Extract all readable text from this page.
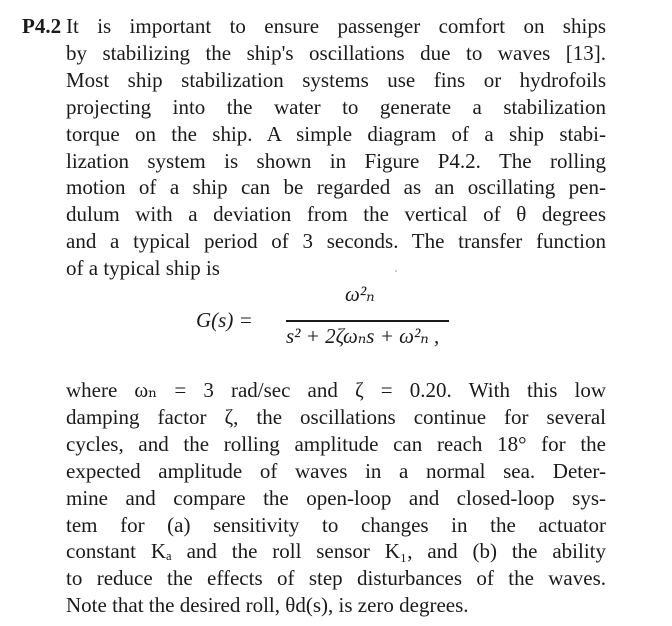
P4.2 It is important to ensure passenger comfort on ships
by stabilizing the ship's oscillations due to waves [13].
Most ship stabilization systems use fins or hydrofoils
projecting into the water to generate a stabilization
torque on the ship. A simple diagram of a ship stabi-
lization system is shown in Figure P4.2. The rolling
motion of a ship can be regarded as an oscillating pen-
dulum with a deviation from the vertical of θ degrees
and a typical period of 3 seconds. The transfer function
of a typical ship is
G(s) =
ω²ₙ
s² + 2ζωₙs + ω²ₙ ,
where ωₙ = 3 rad/sec and ζ = 0.20. With this low
damping factor ζ, the oscillations continue for several
cycles, and the rolling amplitude can reach 18° for the
expected amplitude of waves in a normal sea. Deter-
mine and compare the open-loop and closed-loop sys-
tem for (a) sensitivity to changes in the actuator
constant Kₐ and the roll sensor K₁, and (b) the ability
to reduce the effects of step disturbances of the waves.
Note that the desired roll, θd(s), is zero degrees.
